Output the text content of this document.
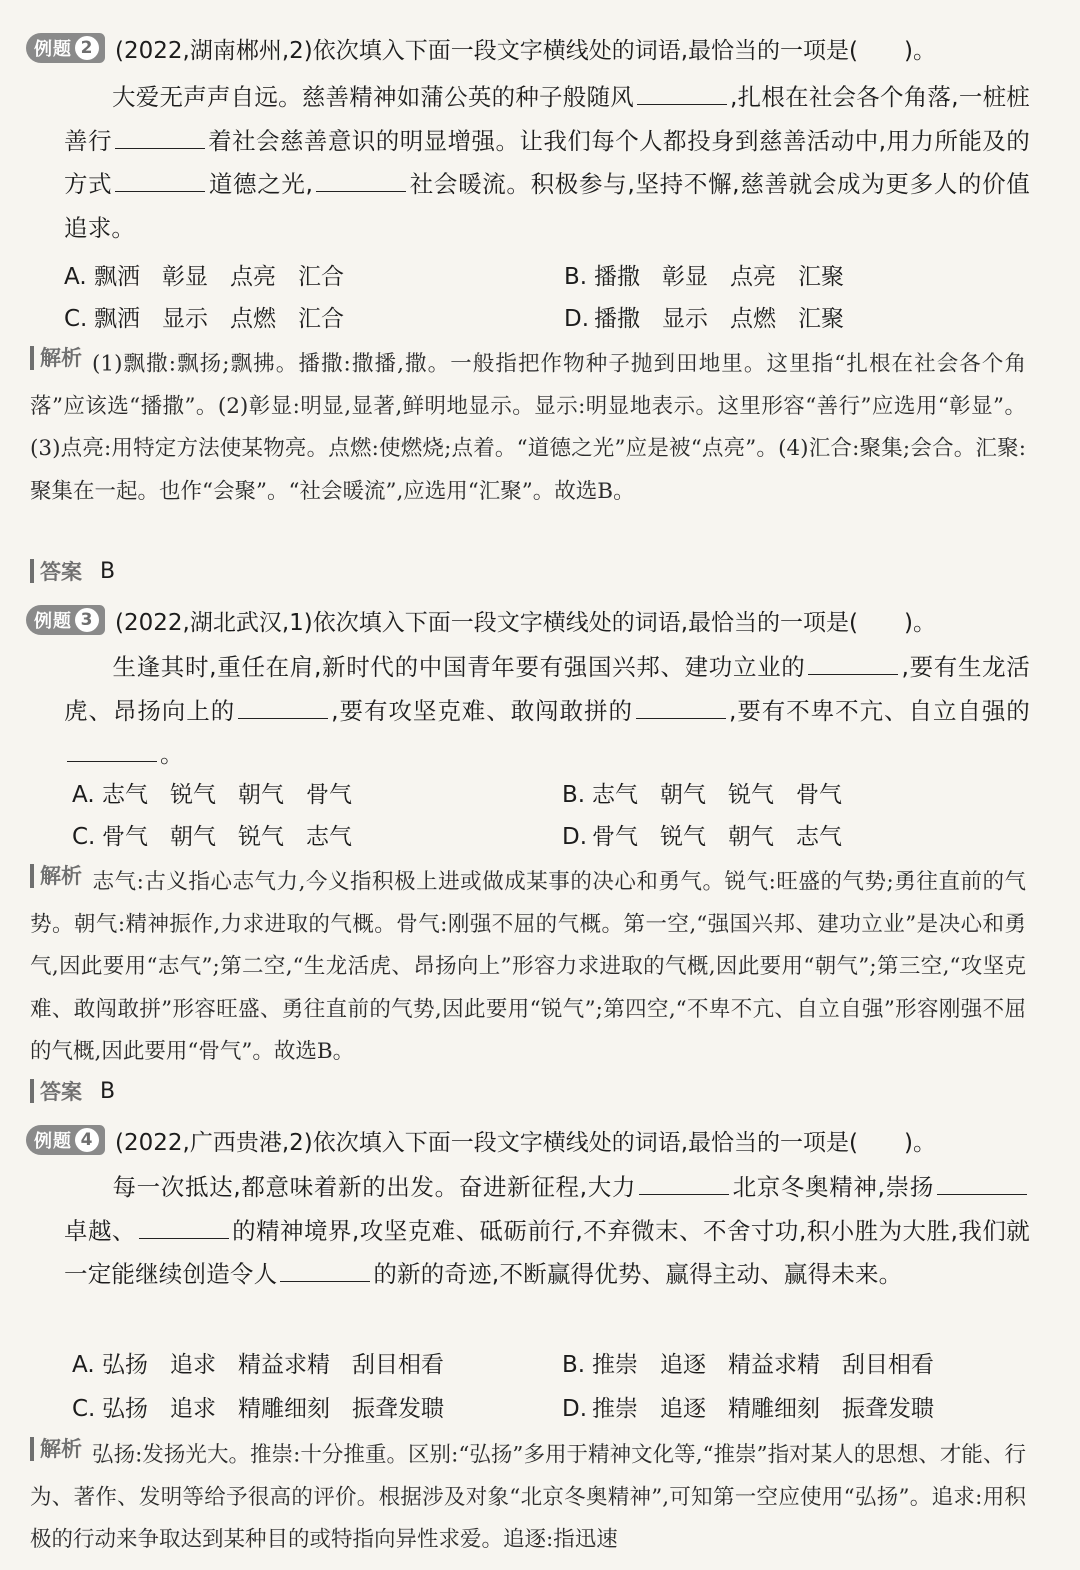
例题 2 (2022,湖南郴州,2)依次填入下面一段文字横线处的词语,最恰当的一项是(　　)。
大爱无声声自远。慈善精神如蒲公英的种子般随风	,扎根在社会各个角落,一桩桩善行	着社会慈善意识的明显增强。让我们每个人都投身到慈善活动中,用力所能及的方式	道德之光,	社会暖流。积极参与,坚持不懈,慈善就会成为更多人的价值追求。
A. 飘洒 彰显 点亮 汇合	B. 播撒 彰显 点亮 汇聚
C. 飘洒 显示 点燃 汇合	D. 播撒 显示 点燃 汇聚
解析 (1)飘撒:飘扬;飘拂。播撒:撒播,撒。一般指把作物种子抛到田地里。这里指“扎根在社会各个角落”应该选“播撒”。(2)彰显:明显,显著,鲜明地显示。显示:明显地表示。这里形容“善行”应选用“彰显”。(3)点亮:用特定方法使某物亮。点燃:使燃烧;点着。“道德之光”应是被“点亮”。(4)汇合:聚集;会合。汇聚:聚集在一起。也作“会聚”。“社会暖流”,应选用“汇聚”。故选B。
答案 B
例题 3 (2022,湖北武汉,1)依次填入下面一段文字横线处的词语,最恰当的一项是(　　)。
生逢其时,重任在肩,新时代的中国青年要有强国兴邦、建功立业的	,要有生龙活虎、昂扬向上的	,要有攻坚克难、敢闯敢拼的	,要有不卑不亢、自立自强的。
A. 志气 锐气 朝气 骨气	B. 志气 朝气 锐气 骨气
C. 骨气 朝气 锐气 志气	D. 骨气 锐气 朝气 志气
解析 志气:古义指心志气力,今义指积极上进或做成某事的决心和勇气。锐气:旺盛的气势;勇往直前的气势。朝气:精神振作,力求进取的气概。骨气:刚强不屈的气概。第一空,“强国兴邦、建功立业”是决心和勇气,因此要用“志气”;第二空,“生龙活虎、昂扬向上”形容力求进取的气概,因此要用“朝气”;第三空,“攻坚克难、敢闯敢拼”形容旺盛、勇往直前的气势,因此要用“锐气”;第四空,“不卑不亢、自立自强”形容刚强不屈的气概,因此要用“骨气”。故选B。
答案 B
例题 4 (2022,广西贵港,2)依次填入下面一段文字横线处的词语,最恰当的一项是(　　)。
每一次抵达,都意味着新的出发。奋进新征程,大力	北京冬奥精神,崇扬卓越、	的精神境界,攻坚克难、砥砺前行,不弃微末、不舍寸功,积小胜为大胜,我们就一定能继续创造令人	的新的奇迹,不断赢得优势、赢得主动、赢得未来。
A. 弘扬 追求 精益求精 刮目相看	B. 推崇 追逐 精益求精 刮目相看
C. 弘扬 追求 精雕细刻 振聋发聩	D. 推崇 追逐 精雕细刻 振聋发聩
解析 弘扬:发扬光大。推崇:十分推重。区别:“弘扬”多用于精神文化等,“推崇”指对某人的思想、才能、行为、著作、发明等给予很高的评价。根据涉及对象“北京冬奥精神”,可知第一空应使用“弘扬”。追求:用积极的行动来争取达到某种目的或特指向异性求爱。追逐:指迅速
